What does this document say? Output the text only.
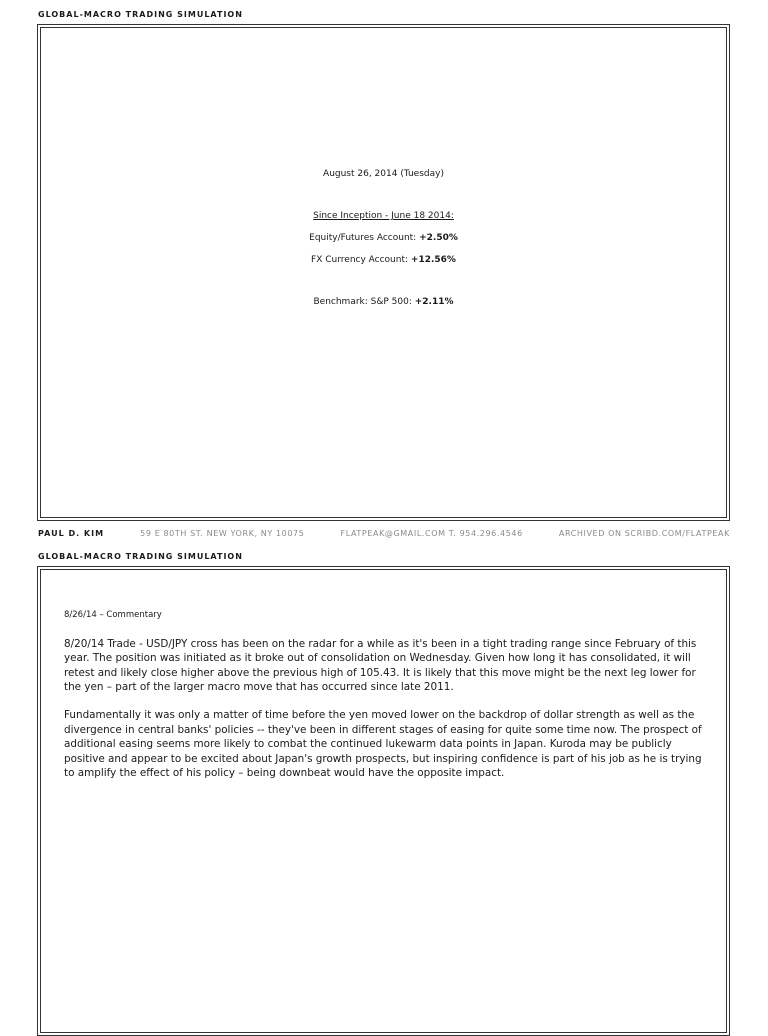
GLOBAL-MACRO TRADING SIMULATION
August 26, 2014 (Tuesday)
Since Inception - June 18 2014:
Equity/Futures Account: +2.50%
FX Currency Account: +12.56%
Benchmark: S&P 500: +2.11%
PAUL D. KIM	59 E 80TH ST. NEW YORK, NY 10075	FLATPEAK@GMAIL.COM T. 954.296.4546	ARCHIVED ON SCRIBD.COM/FLATPEAK
GLOBAL-MACRO TRADING SIMULATION
8/26/14 – Commentary

8/20/14 Trade - USD/JPY cross has been on the radar for a while as it's been in a tight trading range since February of this year. The position was initiated as it broke out of consolidation on Wednesday. Given how long it has consolidated, it will retest and likely close higher above the previous high of 105.43. It is likely that this move might be the next leg lower for the yen – part of the larger macro move that has occurred since late 2011.

Fundamentally it was only a matter of time before the yen moved lower on the backdrop of dollar strength as well as the divergence in central banks' policies -- they've been in different stages of easing for quite some time now. The prospect of additional easing seems more likely to combat the continued lukewarm data points in Japan. Kuroda may be publicly positive and appear to be excited about Japan's growth prospects, but inspiring confidence is part of his job as he is trying to amplify the effect of his policy – being downbeat would have the opposite impact.
